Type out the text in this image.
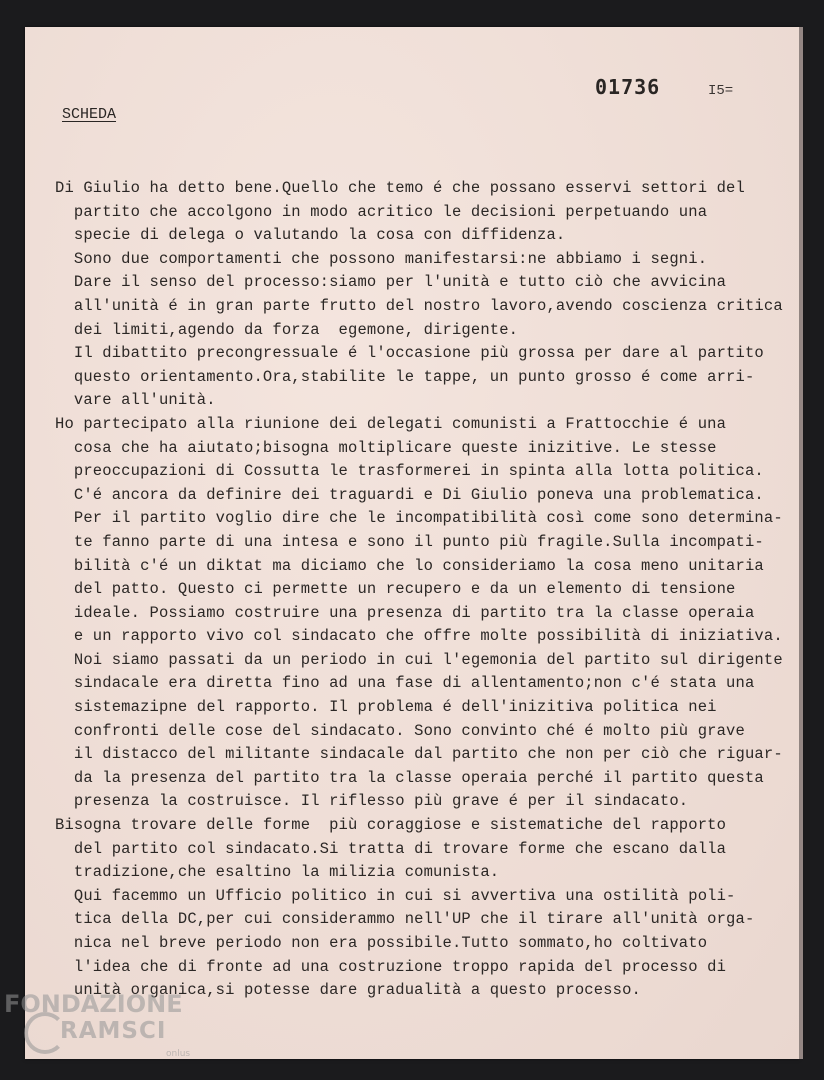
01736	I5=
SCHEDA
Di Giulio ha detto bene.Quello che temo é che possano esservi settori del
partito che accolgono in modo acritico le decisioni perpetuando una
specie di delega o valutando la cosa con diffidenza.
Sono due comportamenti che possono manifestarsi:ne abbiamo i segni.
Dare il senso del processo:siamo per l'unità e tutto ciò che avvicina
all'unità é in gran parte frutto del nostro lavoro,avendo coscienza critica
dei limiti,agendo da forza  egemone, dirigente.
Il dibattito precongressuale é l'occasione più grossa per dare al partito
questo orientamento.Ora,stabilite le tappe, un punto grosso é come arri-
vare all'unità.
Ho partecipato alla riunione dei delegati comunisti a Frattocchie é una
cosa che ha aiutato;bisogna moltiplicare queste inizitive. Le stesse
preoccupazioni di Cossutta le trasformerei in spinta alla lotta politica.
C'é ancora da definire dei traguardi e Di Giulio poneva una problematica.
Per il partito voglio dire che le incompatibilità così come sono determina-
te fanno parte di una intesa e sono il punto più fragile.Sulla incompati-
bilità c'é un diktat ma diciamo che lo consideriamo la cosa meno unitaria
del patto. Questo ci permette un recupero e da un elemento di tensione
ideale. Possiamo costruire una presenza di partito tra la classe operaia
e un rapporto vivo col sindacato che offre molte possibilità di iniziativa.
Noi siamo passati da un periodo in cui l'egemonia del partito sul dirigente
sindacale era diretta fino ad una fase di allentamento;non c'é stata una
sistemazipne del rapporto. Il problema é dell'inizitiva politica nei
confronti delle cose del sindacato. Sono convinto ché é molto più grave
il distacco del militante sindacale dal partito che non per ciò che riguar-
da la presenza del partito tra la classe operaia perché il partito questa
presenza la costruisce. Il riflesso più grave é per il sindacato.
Bisogna trovare delle forme  più coraggiose e sistematiche del rapporto
del partito col sindacato.Si tratta di trovare forme che escano dalla
tradizione,che esaltino la milizia comunista.
Qui facemmo un Ufficio politico in cui si avvertiva una ostilità poli-
tica della DC,per cui considerammo nell'UP che il tirare all'unità orga-
nica nel breve periodo non era possibile.Tutto sommato,ho coltivato
l'idea che di fronte ad una costruzione troppo rapida del processo di
unità organica,si potesse dare gradualità a questo processo.
FONDAZIONE
RAMSCI
onlus
